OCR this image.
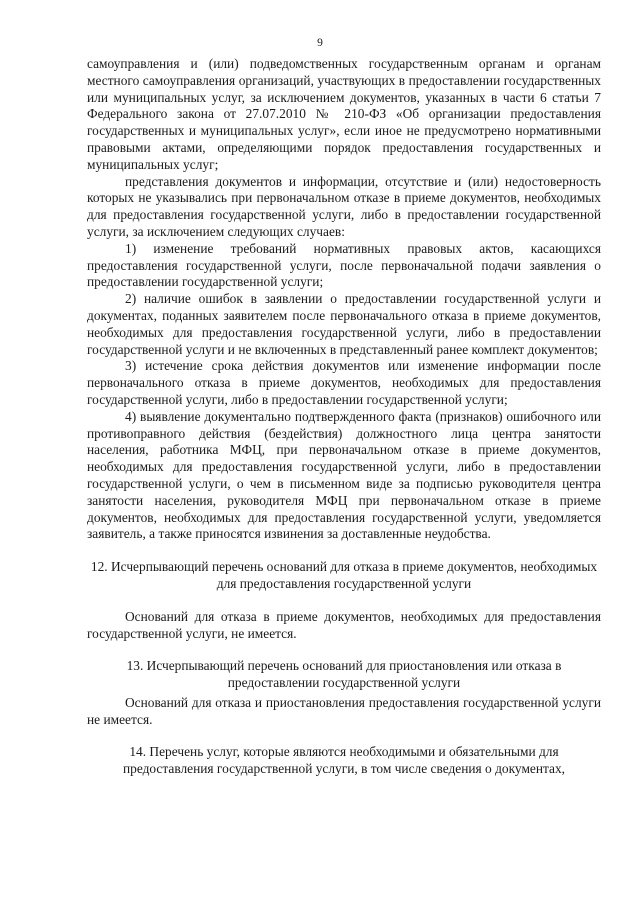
9

самоуправления и (или) подведомственных государственным органам и органам местного самоуправления организаций, участвующих в предоставлении государственных или муниципальных услуг, за исключением документов, указанных в части 6 статьи 7 Федерального закона от 27.07.2010 № 210-ФЗ «Об организации предоставления государственных и муниципальных услуг», если иное не предусмотрено нормативными правовыми актами, определяющими порядок предоставления государственных и муниципальных услуг;

представления документов и информации, отсутствие и (или) недостоверность которых не указывались при первоначальном отказе в приеме документов, необходимых для предоставления государственной услуги, либо в предоставлении государственной услуги, за исключением следующих случаев:

1) изменение требований нормативных правовых актов, касающихся предоставления государственной услуги, после первоначальной подачи заявления о предоставлении государственной услуги;

2) наличие ошибок в заявлении о предоставлении государственной услуги и документах, поданных заявителем после первоначального отказа в приеме документов, необходимых для предоставления государственной услуги, либо в предоставлении государственной услуги и не включенных в представленный ранее комплект документов;

3) истечение срока действия документов или изменение информации после первоначального отказа в приеме документов, необходимых для предоставления государственной услуги, либо в предоставлении государственной услуги;

4) выявление документально подтвержденного факта (признаков) ошибочного или противоправного действия (бездействия) должностного лица центра занятости населения, работника МФЦ, при первоначальном отказе в приеме документов, необходимых для предоставления государственной услуги, либо в предоставлении государственной услуги, о чем в письменном виде за подписью руководителя центра занятости населения, руководителя МФЦ при первоначальном отказе в приеме документов, необходимых для предоставления государственной услуги, уведомляется заявитель, а также приносятся извинения за доставленные неудобства.

12. Исчерпывающий перечень оснований для отказа в приеме документов, необходимых для предоставления государственной услуги

Оснований для отказа в приеме документов, необходимых для предоставления государственной услуги, не имеется.

13. Исчерпывающий перечень оснований для приостановления или отказа в предоставлении государственной услуги

Оснований для отказа и приостановления предоставления государственной услуги не имеется.

14. Перечень услуг, которые являются необходимыми и обязательными для предоставления государственной услуги, в том числе сведения о документах,
